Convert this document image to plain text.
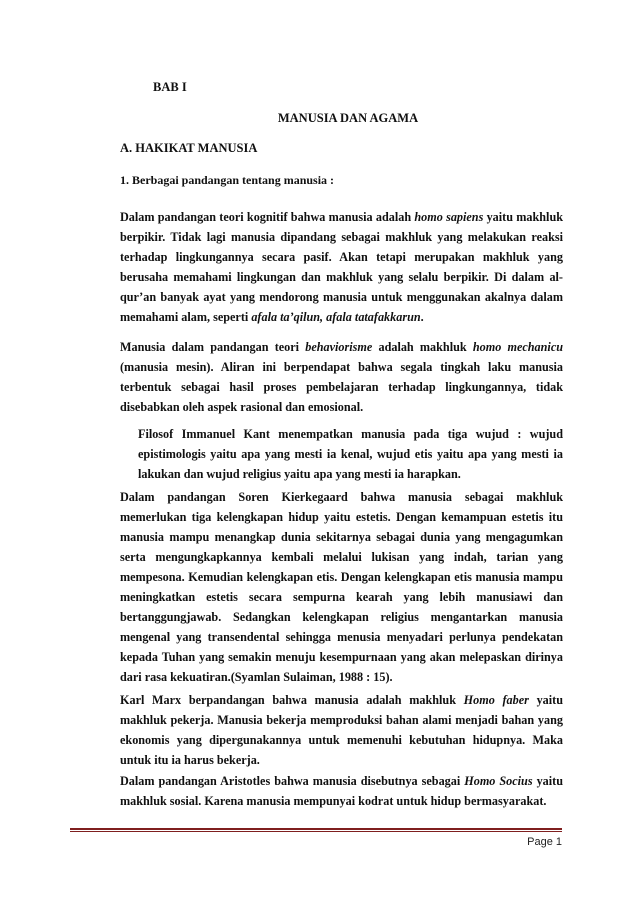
BAB I
MANUSIA DAN AGAMA
A. HAKIKAT MANUSIA
1. Berbagai pandangan tentang manusia :

Dalam pandangan teori kognitif bahwa manusia adalah homo sapiens yaitu makhluk berpikir. Tidak lagi manusia dipandang sebagai makhluk yang melakukan reaksi terhadap lingkungannya secara pasif. Akan tetapi merupakan makhluk yang berusaha memahami lingkungan dan makhluk yang selalu berpikir. Di dalam al-qur’an banyak ayat yang mendorong manusia untuk menggunakan akalnya dalam memahami alam, seperti afala ta’qilun, afala tatafakkarun.

Manusia dalam pandangan teori behaviorisme adalah makhluk homo mechanicu (manusia mesin). Aliran ini berpendapat bahwa segala tingkah laku manusia terbentuk sebagai hasil proses pembelajaran terhadap lingkungannya, tidak disebabkan oleh aspek rasional dan emosional.

Filosof Immanuel Kant menempatkan manusia pada tiga wujud : wujud epistimologis yaitu apa yang mesti ia kenal, wujud etis yaitu apa yang mesti ia lakukan dan wujud religius yaitu apa yang mesti ia harapkan.

Dalam pandangan Soren Kierkegaard bahwa manusia sebagai makhluk memerlukan tiga kelengkapan hidup yaitu estetis. Dengan kemampuan estetis itu manusia mampu menangkap dunia sekitarnya sebagai dunia yang mengagumkan serta mengungkapkannya kembali melalui lukisan yang indah, tarian yang mempesona. Kemudian kelengkapan etis. Dengan kelengkapan etis manusia mampu meningkatkan estetis secara sempurna kearah yang lebih manusiawi dan bertanggungjawab. Sedangkan kelengkapan religius mengantarkan manusia mengenal yang transendental sehingga menusia menyadari perlunya pendekatan kepada Tuhan yang semakin menuju kesempurnaan yang akan melepaskan dirinya dari rasa kekuatiran.(Syamlan Sulaiman, 1988 : 15).

Karl Marx berpandangan bahwa manusia adalah makhluk Homo faber yaitu makhluk pekerja. Manusia bekerja memproduksi bahan alami menjadi bahan yang ekonomis yang dipergunakannya untuk memenuhi kebutuhan hidupnya. Maka untuk itu ia harus bekerja.

Dalam pandangan Aristotles bahwa manusia disebutnya sebagai Homo Socius yaitu makhluk sosial. Karena manusia mempunyai kodrat untuk hidup bermasyarakat.

Page 1
